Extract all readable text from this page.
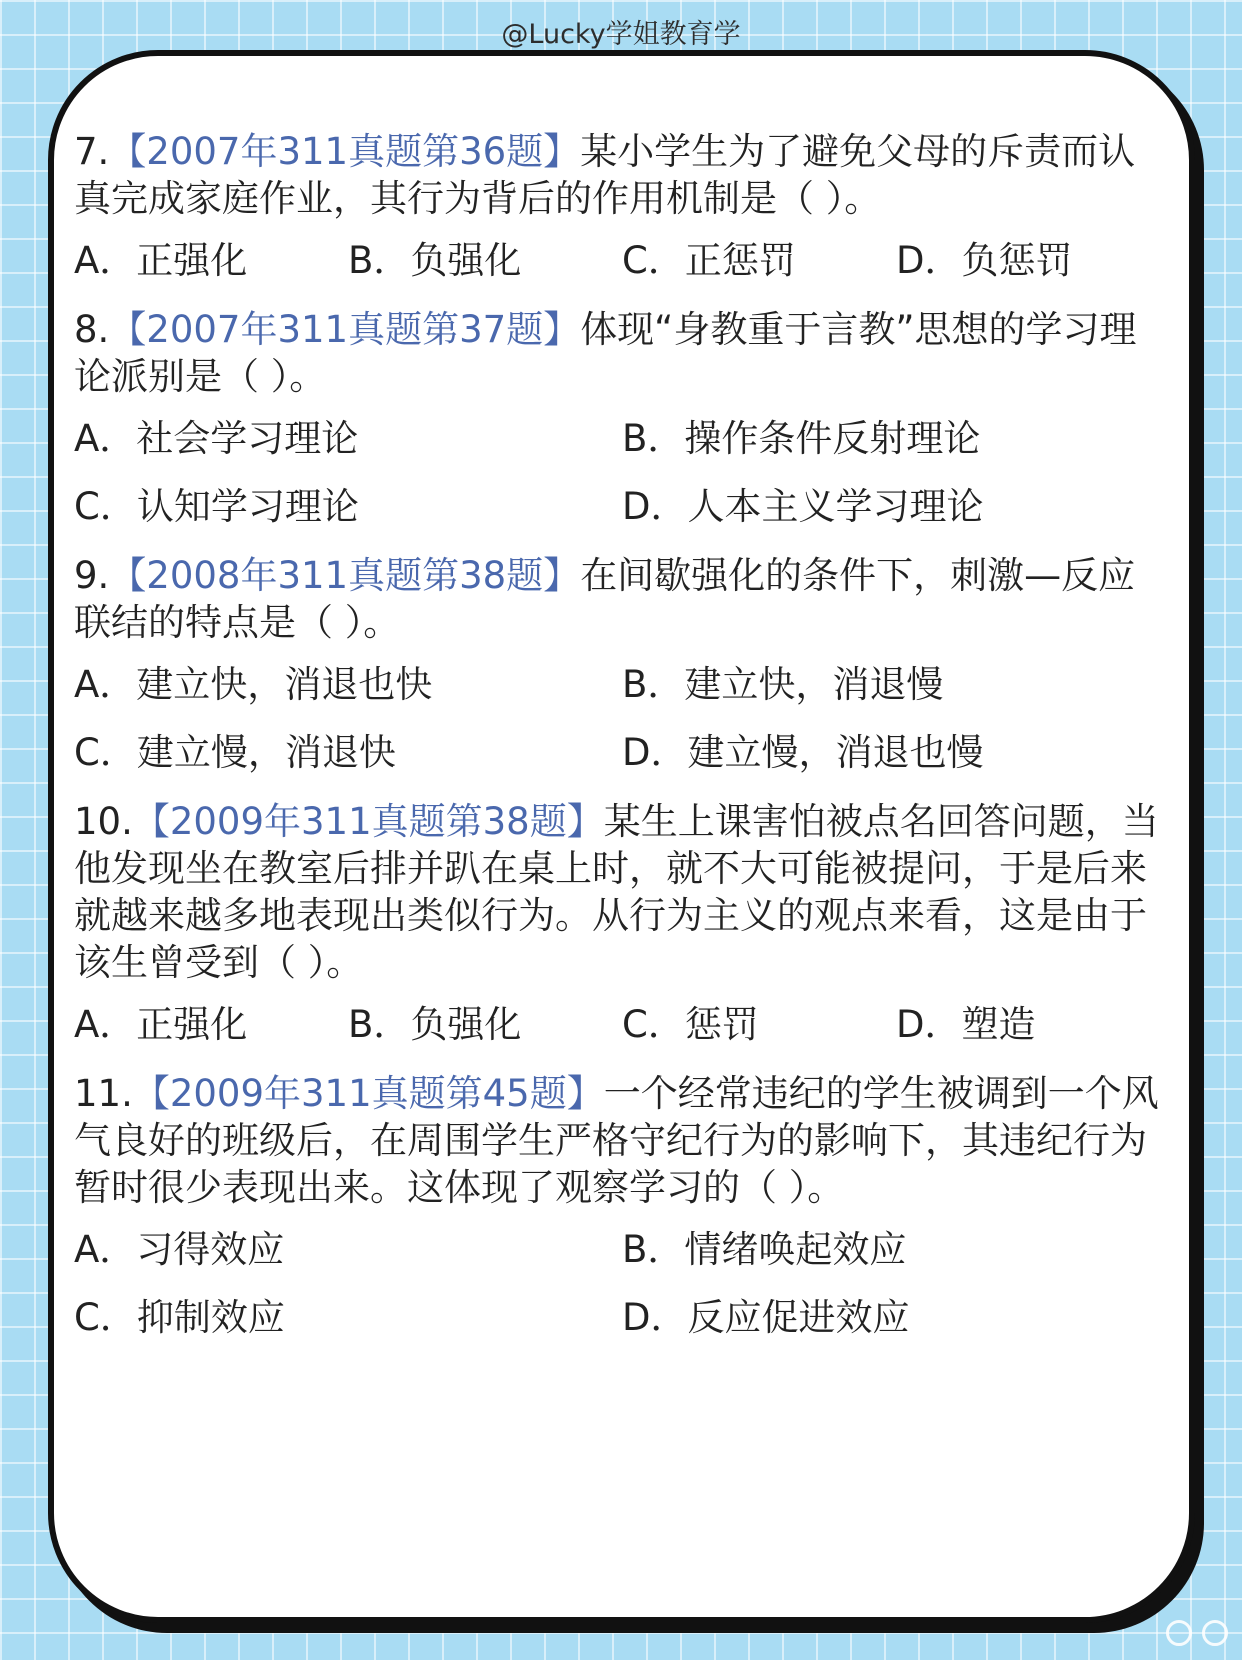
@Lucky学姐教育学
7.【2007年311真题第36题】某小学生为了避免父母的斥责而认真完成家庭作业，其行为背后的作用机制是（ ）。
A．正强化	B．负强化	C．正惩罚	D．负惩罚
8.【2007年311真题第37题】体现“身教重于言教”思想的学习理论派别是（ ）。
A．社会学习理论	B．操作条件反射理论
C．认知学习理论	D．人本主义学习理论
9.【2008年311真题第38题】在间歇强化的条件下，刺激—反应联结的特点是（ ）。
A．建立快，消退也快	B．建立快，消退慢
C．建立慢，消退快	D．建立慢，消退也慢
10.【2009年311真题第38题】某生上课害怕被点名回答问题，当他发现坐在教室后排并趴在桌上时，就不大可能被提问，于是后来就越来越多地表现出类似行为。从行为主义的观点来看，这是由于该生曾受到（ ）。
A．正强化	B．负强化	C．惩罚	D．塑造
11.【2009年311真题第45题】一个经常违纪的学生被调到一个风气良好的班级后，在周围学生严格守纪行为的影响下，其违纪行为暂时很少表现出来。这体现了观察学习的（ ）。
A．习得效应	B．情绪唤起效应
C．抑制效应	D．反应促进效应
